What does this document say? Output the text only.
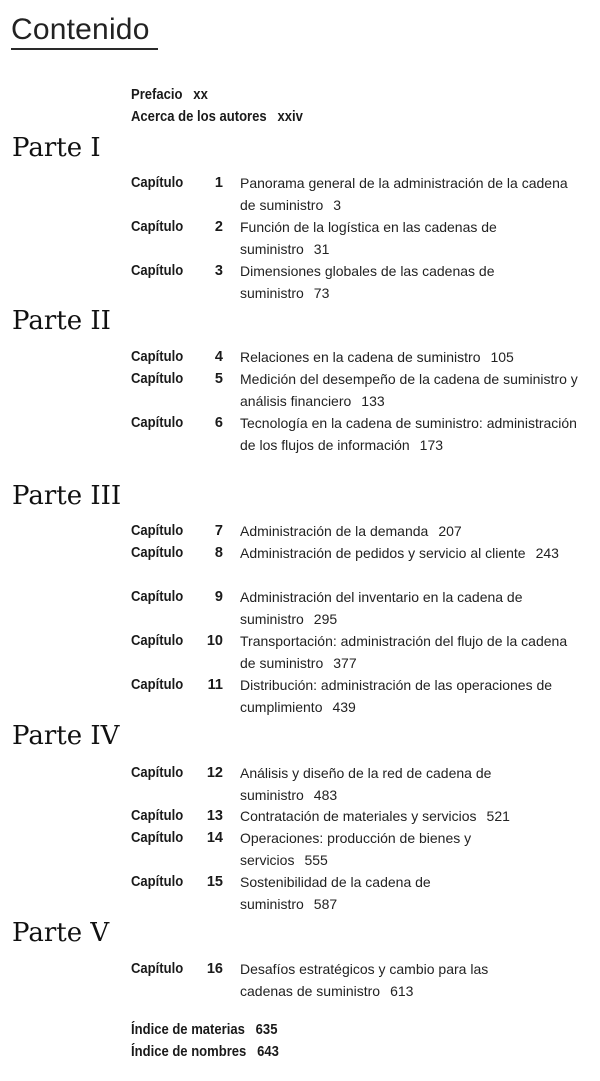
Contenido
Prefacio xx
Acerca de los autores xxiv
Parte I
Capítulo 1 Panorama general de la administración de la cadena de suministro 3
Capítulo 2 Función de la logística en las cadenas de suministro 31
Capítulo 3 Dimensiones globales de las cadenas de suministro 73
Parte II
Capítulo 4 Relaciones en la cadena de suministro 105
Capítulo 5 Medición del desempeño de la cadena de suministro y análisis financiero 133
Capítulo 6 Tecnología en la cadena de suministro: administración de los flujos de información 173
Parte III
Capítulo 7 Administración de la demanda 207
Capítulo 8 Administración de pedidos y servicio al cliente 243
Capítulo 9 Administración del inventario en la cadena de suministro 295
Capítulo 10 Transportación: administración del flujo de la cadena de suministro 377
Capítulo	11 Distribución: administración de las operaciones de cumplimiento 439
Parte IV
Capítulo 12 Análisis y diseño de la red de cadena de suministro 483
Capítulo 13 Contratación de materiales y servicios 521
Capítulo 14 Operaciones: producción de bienes y servicios 555
Capítulo 15 Sostenibilidad de la cadena de suministro 587
Parte V
Capítulo 16 Desafíos estratégicos y cambio para las cadenas de suministro 613
Índice de materias 635
Índice de nombres 643
